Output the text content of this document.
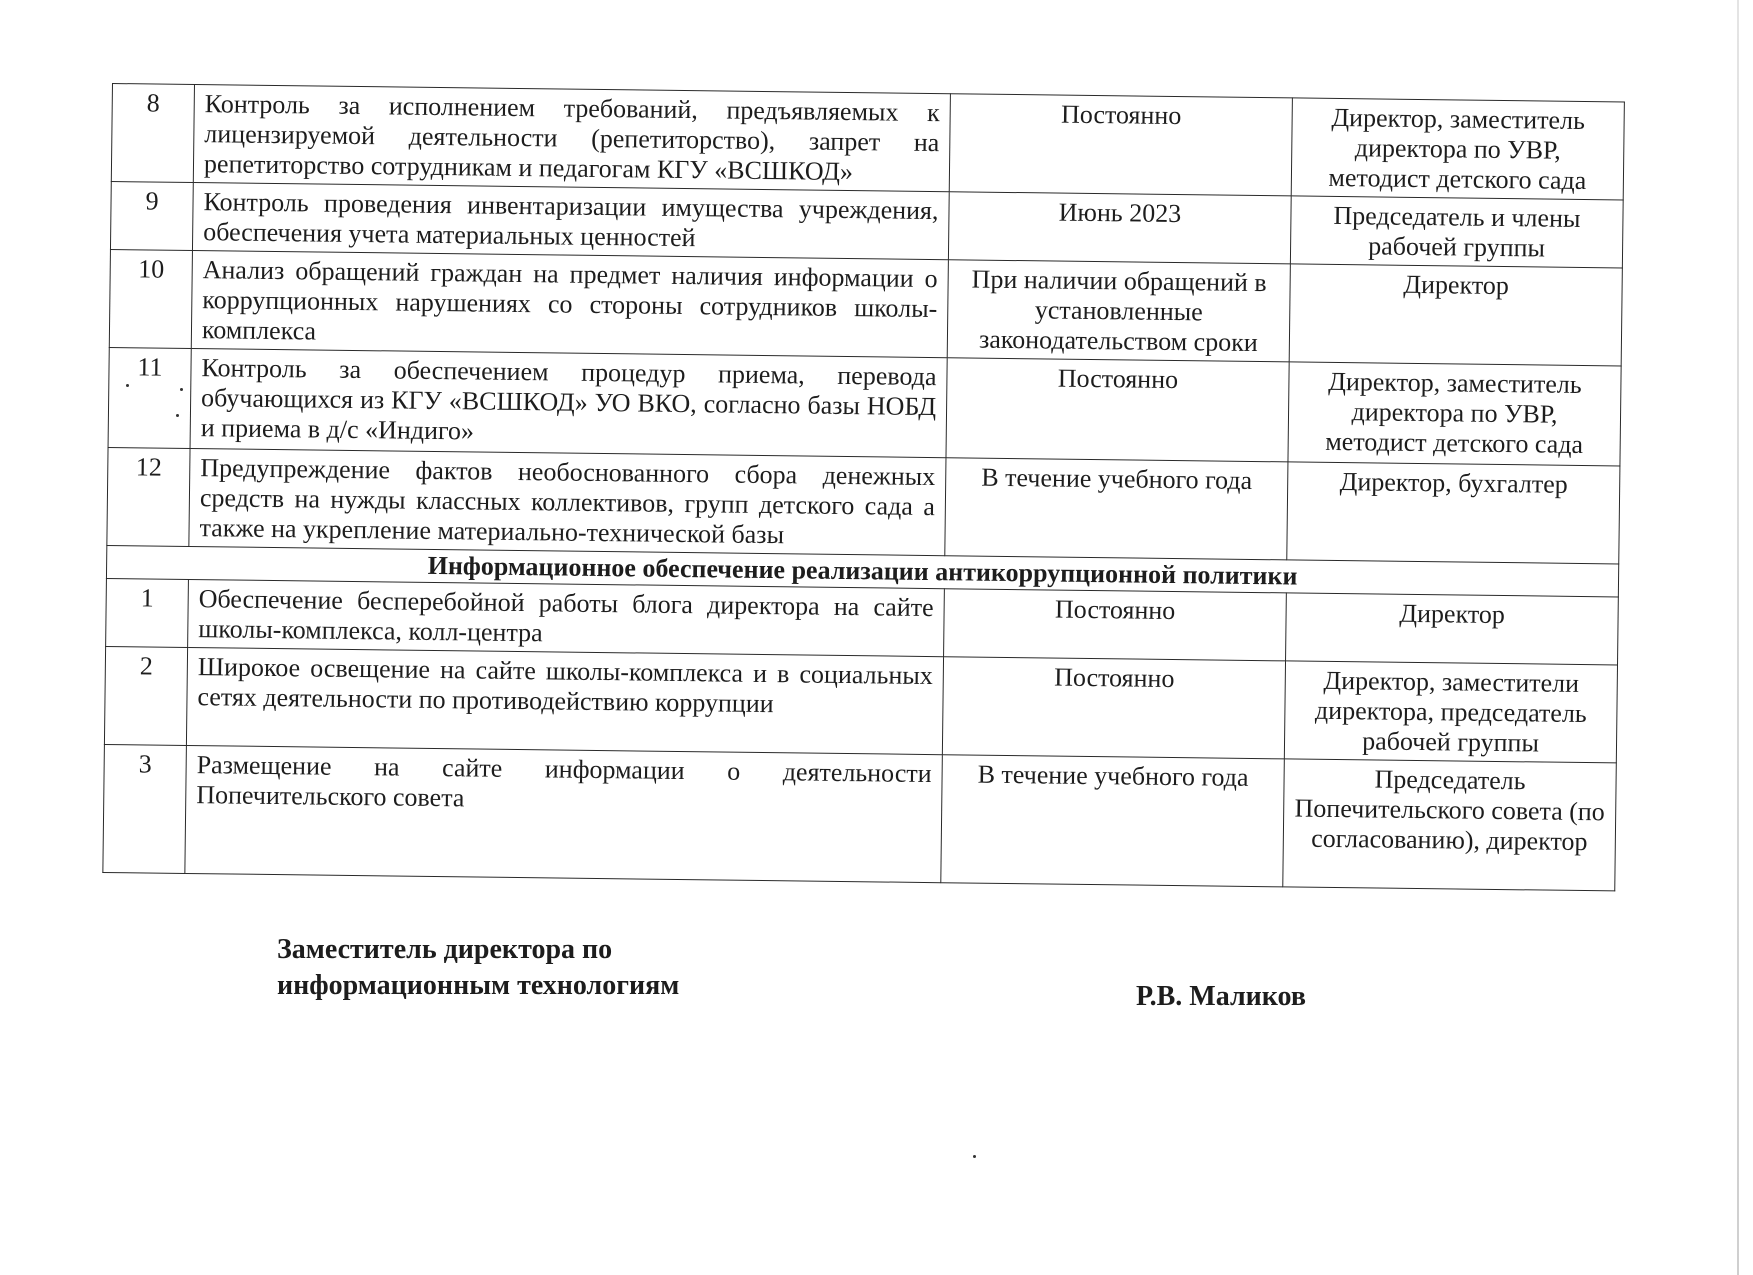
8	Контроль за исполнением требований, предъявляемых к лицензируемой деятельности (репетиторство), запрет на репетиторство сотрудникам и педагогам КГУ «ВСШКОД»	Постоянно	Директор, заместитель директора по УВР, методист детского сада
9	Контроль проведения инвентаризации имущества учреждения, обеспечения учета материальных ценностей	Июнь 2023	Председатель и члены рабочей группы
10	Анализ обращений граждан на предмет наличия информации о коррупционных нарушениях со стороны сотрудников школы-комплекса	При наличии обращений в установленные законодательством сроки	Директор
11	Контроль за обеспечением процедур приема, перевода обучающихся из КГУ «ВСШКОД» УО ВКО, согласно базы НОБД и приема в д/с «Индиго»	Постоянно	Директор, заместитель директора по УВР, методист детского сада
12	Предупреждение фактов необоснованного сбора денежных средств на нужды классных коллективов, групп детского сада а также на укрепление материально-технической базы	В течение учебного года	Директор, бухгалтер
Информационное обеспечение реализации антикоррупционной политики			
1	Обеспечение бесперебойной работы блога директора на сайте школы-комплекса, колл-центра	Постоянно	Директор
2	Широкое освещение на сайте школы-комплекса и в социальных сетях деятельности по противодействию коррупции	Постоянно	Директор, заместители директора, председатель рабочей группы
3	Размещение на сайте информации о деятельности Попечительского совета	В течение учебного года	Председатель Попечительского совета (по согласованию), директор
Заместитель директора по
информационным технологиям	Р.В. Маликов
